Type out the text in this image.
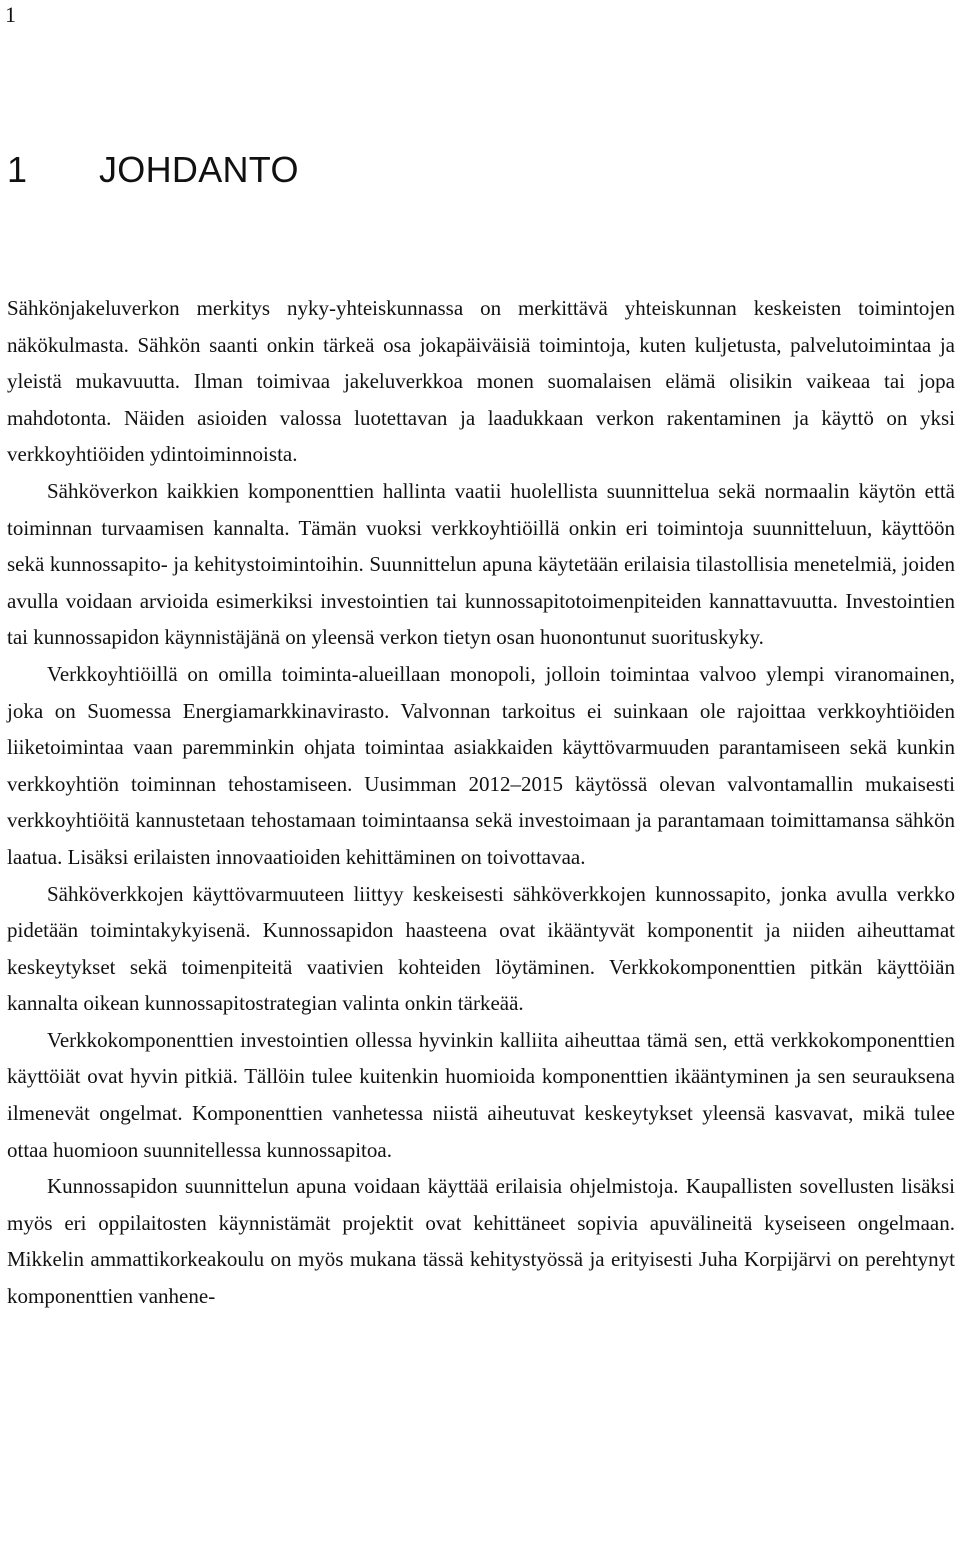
1
1 JOHDANTO

Sähkönjakeluverkon merkitys nyky-yhteiskunnassa on merkittävä yhteiskunnan keskeisten toimintojen näkökulmasta. Sähkön saanti onkin tärkeä osa jokapäiväisiä toimintoja, kuten kuljetusta, palvelutoimintaa ja yleistä mukavuutta. Ilman toimivaa jakeluverkkoa monen suomalaisen elämä olisikin vaikeaa tai jopa mahdotonta. Näiden asioiden valossa luotettavan ja laadukkaan verkon rakentaminen ja käyttö on yksi verkkoyhtiöiden ydintoiminnoista.

Sähköverkon kaikkien komponenttien hallinta vaatii huolellista suunnittelua sekä normaalin käytön että toiminnan turvaamisen kannalta. Tämän vuoksi verkkoyhtiöillä onkin eri toimintoja suunnitteluun, käyttöön sekä kunnossapito- ja kehitystoimintoihin. Suunnittelun apuna käytetään erilaisia tilastollisia menetelmiä, joiden avulla voidaan arvioida esimerkiksi investointien tai kunnossapitotoimenpiteiden kannattavuutta. Investointien tai kunnossapidon käynnistäjänä on yleensä verkon tietyn osan huonontunut suorituskyky.

Verkkoyhtiöillä on omilla toiminta-alueillaan monopoli, jolloin toimintaa valvoo ylempi viranomainen, joka on Suomessa Energiamarkkinavirasto. Valvonnan tarkoitus ei suinkaan ole rajoittaa verkkoyhtiöiden liiketoimintaa vaan paremminkin ohjata toimintaa asiakkaiden käyttövarmuuden parantamiseen sekä kunkin verkkoyhtiön toiminnan tehostamiseen. Uusimman 2012–2015 käytössä olevan valvontamallin mukaisesti verkkoyhtiöitä kannustetaan tehostamaan toimintaansa sekä investoimaan ja parantamaan toimittamansa sähkön laatua. Lisäksi erilaisten innovaatioiden kehittäminen on toivottavaa.

Sähköverkkojen käyttövarmuuteen liittyy keskeisesti sähköverkkojen kunnossapito, jonka avulla verkko pidetään toimintakykyisenä. Kunnossapidon haasteena ovat ikääntyvät komponentit ja niiden aiheuttamat keskeytykset sekä toimenpiteitä vaativien kohteiden löytäminen. Verkkokomponenttien pitkän käyttöiän kannalta oikean kunnossapitostrategian valinta onkin tärkeää.

Verkkokomponenttien investointien ollessa hyvinkin kalliita aiheuttaa tämä sen, että verkkokomponenttien käyttöiät ovat hyvin pitkiä. Tällöin tulee kuitenkin huomioida komponenttien ikääntyminen ja sen seurauksena ilmenevät ongelmat. Komponenttien vanhetessa niistä aiheutuvat keskeytykset yleensä kasvavat, mikä tulee ottaa huomioon suunnitellessa kunnossapitoa.

Kunnossapidon suunnittelun apuna voidaan käyttää erilaisia ohjelmistoja. Kaupallisten sovellusten lisäksi myös eri oppilaitosten käynnistämät projektit ovat kehittäneet sopivia apuvälineitä kyseiseen ongelmaan. Mikkelin ammattikorkeakoulu on myös mukana tässä kehitystyössä ja erityisesti Juha Korpijärvi on perehtynyt komponenttien vanhene-
